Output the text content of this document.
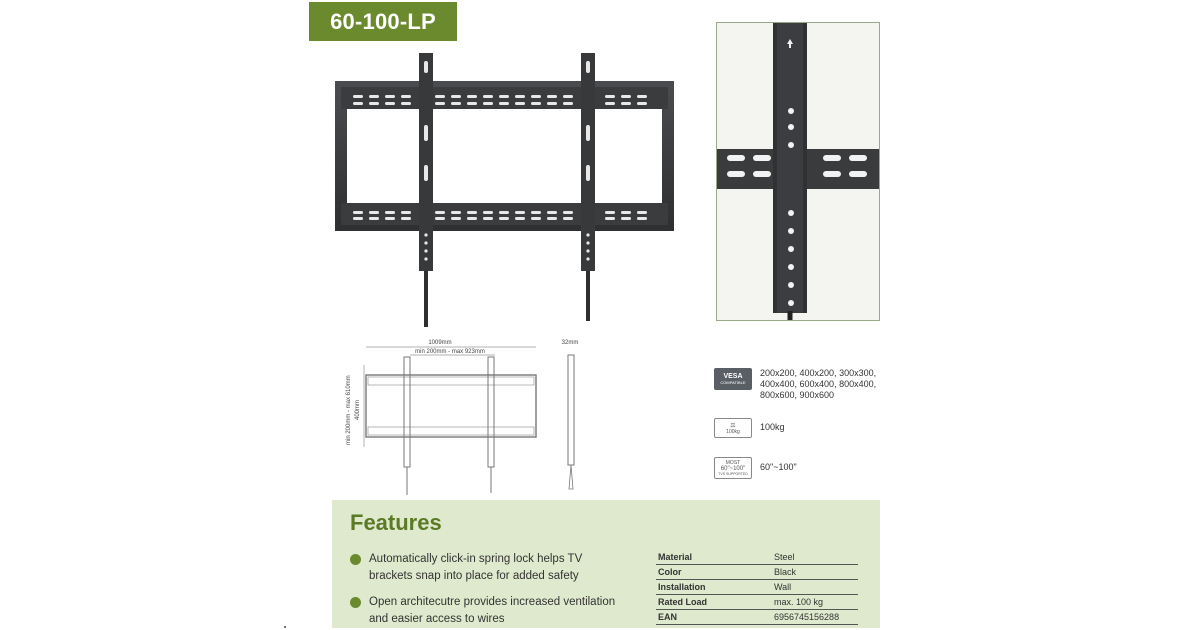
60-100-LP
1009mm
min 200mm - max 923mm
32mm
min 200mm - max 610mm 400mm
VESA
COMPATIBLE
200x200, 400x200, 300x300, 400x400, 600x400, 800x400, 800x600, 900x600
⚖
100kg 100kg
MOST
60"~100"
TVS SUPPORTED
60"~100"
Features
Automatically click-in spring lock helps TV brackets snap into place for added safety
Open architecutre provides increased ventilation and easier access to wires
Material	Steel
Color	Black
Installation	Wall
Rated Load	max. 100 kg
EAN	6956745156288
